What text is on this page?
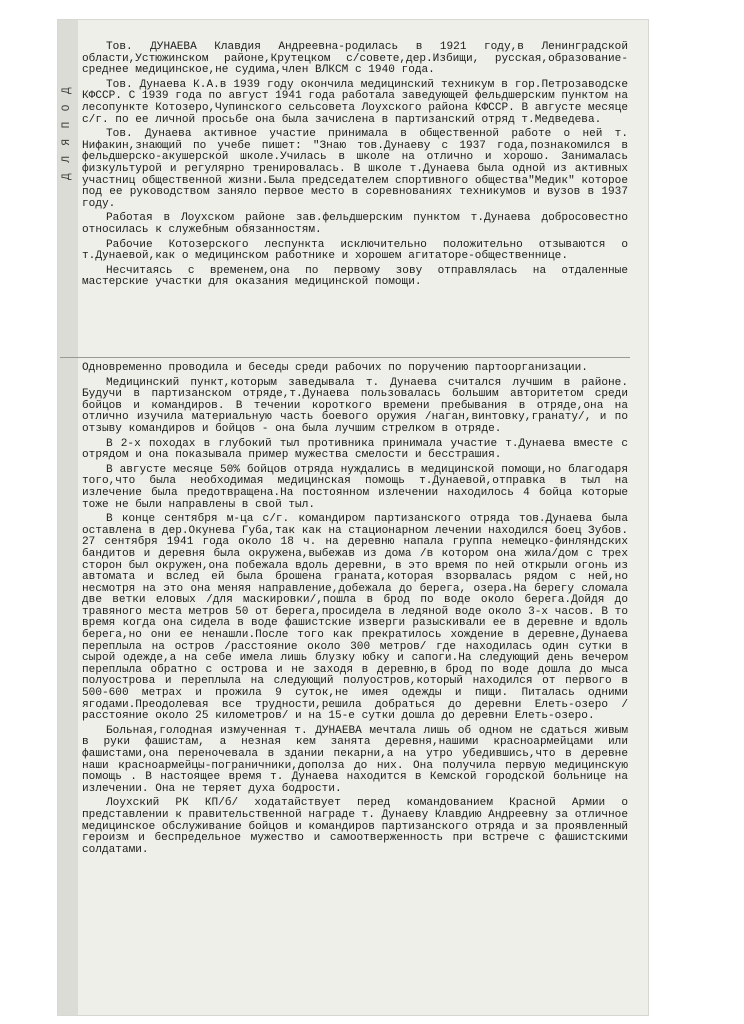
Д Л Я П О Д

Тов. ДУНАЕВА Клавдия Андреевна-родилась в 1921 году,в Ленинградской области,Устюжинском районе,Крутецком с/совете,дер.Избищи, русская,образование-среднее медицинское,не судима,член ВЛКСМ с 1940 года.

Тов. Дунаева К.А.в 1939 году окончила медицинский техникум в гор.Петрозаводске КФССР. С 1939 года по август 1941 года работала заведующей фельдшерским пунктом на лесопункте Котозеро,Чупинского сельсовета Лоухского района КФССР. В августе месяце с/г. по ее личной просьбе она была зачислена в партизанский отряд т.Медведева.

Тов. Дунаева активное участие принимала в общественной работе о ней т. Нифакин,знающий по учебе пишет: "Знаю тов.Дунаеву с 1937 года,познакомился в фельдшерско-акушерской школе.Училась в школе на отлично и хорошо. Занималась физкультурой и регулярно тренировалась. В школе т.Дунаева была одной из активных участниц общественной жизни.Была председателем спортивного общества"Медик" которое под ее руководством заняло первое место в соревнованиях техникумов и вузов в 1937 году.

Работая в Лоухском районе зав.фельдшерским пунктом т.Дунаева добросовестно относилась к служебным обязанностям.

Рабочие Котозерского леспункта исключительно положительно отзываются о т.Дунаевой,как о медицинском работнике и хорошем агитаторе-общественнице.

Несчитаясь с временем,она по первому зову отправлялась на отдаленные мастерские участки для оказания медицинской помощи.

Одновременно проводила и беседы среди рабочих по поручению партоорганизации.

Медицинский пункт,которым заведывала т. Дунаева считался лучшим в районе. Будучи в партизанском отряде,т.Дунаева пользовалась большим авторитетом среди бойцов и командиров. В течении короткого времени пребывания в отряде,она на отлично изучила материальную часть боевого оружия /наган,винтовку,гранату/, и по отзыву командиров и бойцов - она была лучшим стрелком в отряде.

В 2-х походах в глубокий тыл противника принимала участие т.Дунаева вместе с отрядом и она показывала пример мужества смелости и бесстрашия.

В августе месяце 50% бойцов отряда нуждались в медицинской помощи,но благодаря того,что была необходимая медицинская помощь т.Дунаевой,отправка в тыл на излечение была предотвращена.На постоянном излечении находилось 4 бойца которые тоже не были направлены в свой тыл.

В конце сентября м-ца с/г. командиром партизанского отряда тов.Дунаева была оставлена в дер.Окунева Губа,так как на стационарном лечении находился боец Зубов. 27 сентября 1941 года около 18 ч. на деревню напала группа немецко-финляндских бандитов и деревня была окружена,выбежав из дома /в котором она жила/дом с трех сторон был окружен,она побежала вдоль деревни, в это время по ней открыли огонь из автомата и вслед ей была брошена граната,которая взорвалась рядом с ней,но несмотря на это она меняя направление,добежала до берега, озера.На берегу сломала две ветки еловых /для маскировки/,пошла в брод по воде около берега.Дойдя до травяного места метров 50 от берега,просидела в ледяной воде около 3-х часов. В то время когда она сидела в воде фашистские изверги разыскивали ее в деревне и вдоль берега,но они ее ненашли.После того как прекратилось хождение в деревне,Дунаева переплыла на остров /расстояние около 300 метров/ где находилась один сутки в сырой одежде,а на себе имела лишь блузку юбку и сапоги.На следующий день вечером переплыла обратно с острова и не заходя в деревню,в брод по воде дошла до мыса полуострова и переплыла на следующий полуостров,который находился от первого в 500-600 метрах и прожила 9 суток,не имея одежды и пищи. Питалась одними ягодами.Преодолевая все трудности,решила добраться до деревни Елеть-озеро /расстояние около 25 километров/ и на 15-е сутки дошла до деревни Елеть-озеро.

Больная,голодная измученная т. ДУНАЕВА мечтала лишь об одном не сдаться живым в руки фашистам, а незная кем занята деревня,нашими красноармейцами или фашистами,она переночевала в здании пекарни,а на утро убедившись,что в деревне наши красноармейцы-пограничники,дополза до них. Она получила первую медицинскую помощь . В настоящее время т. Дунаева находится в Кемской городской больнице на излечении. Она не теряет духа бодрости.

Лоухский РК КП/б/ ходатайствует перед командованием Красной Армии о представлении к правительственной награде т. Дунаеву Клавдию Андреевну за отличное медицинское обслуживание бойцов и командиров партизанского отряда и за проявленный героизм и беспредельное мужество и самоотверженность при встрече с фашистскими солдатами.
